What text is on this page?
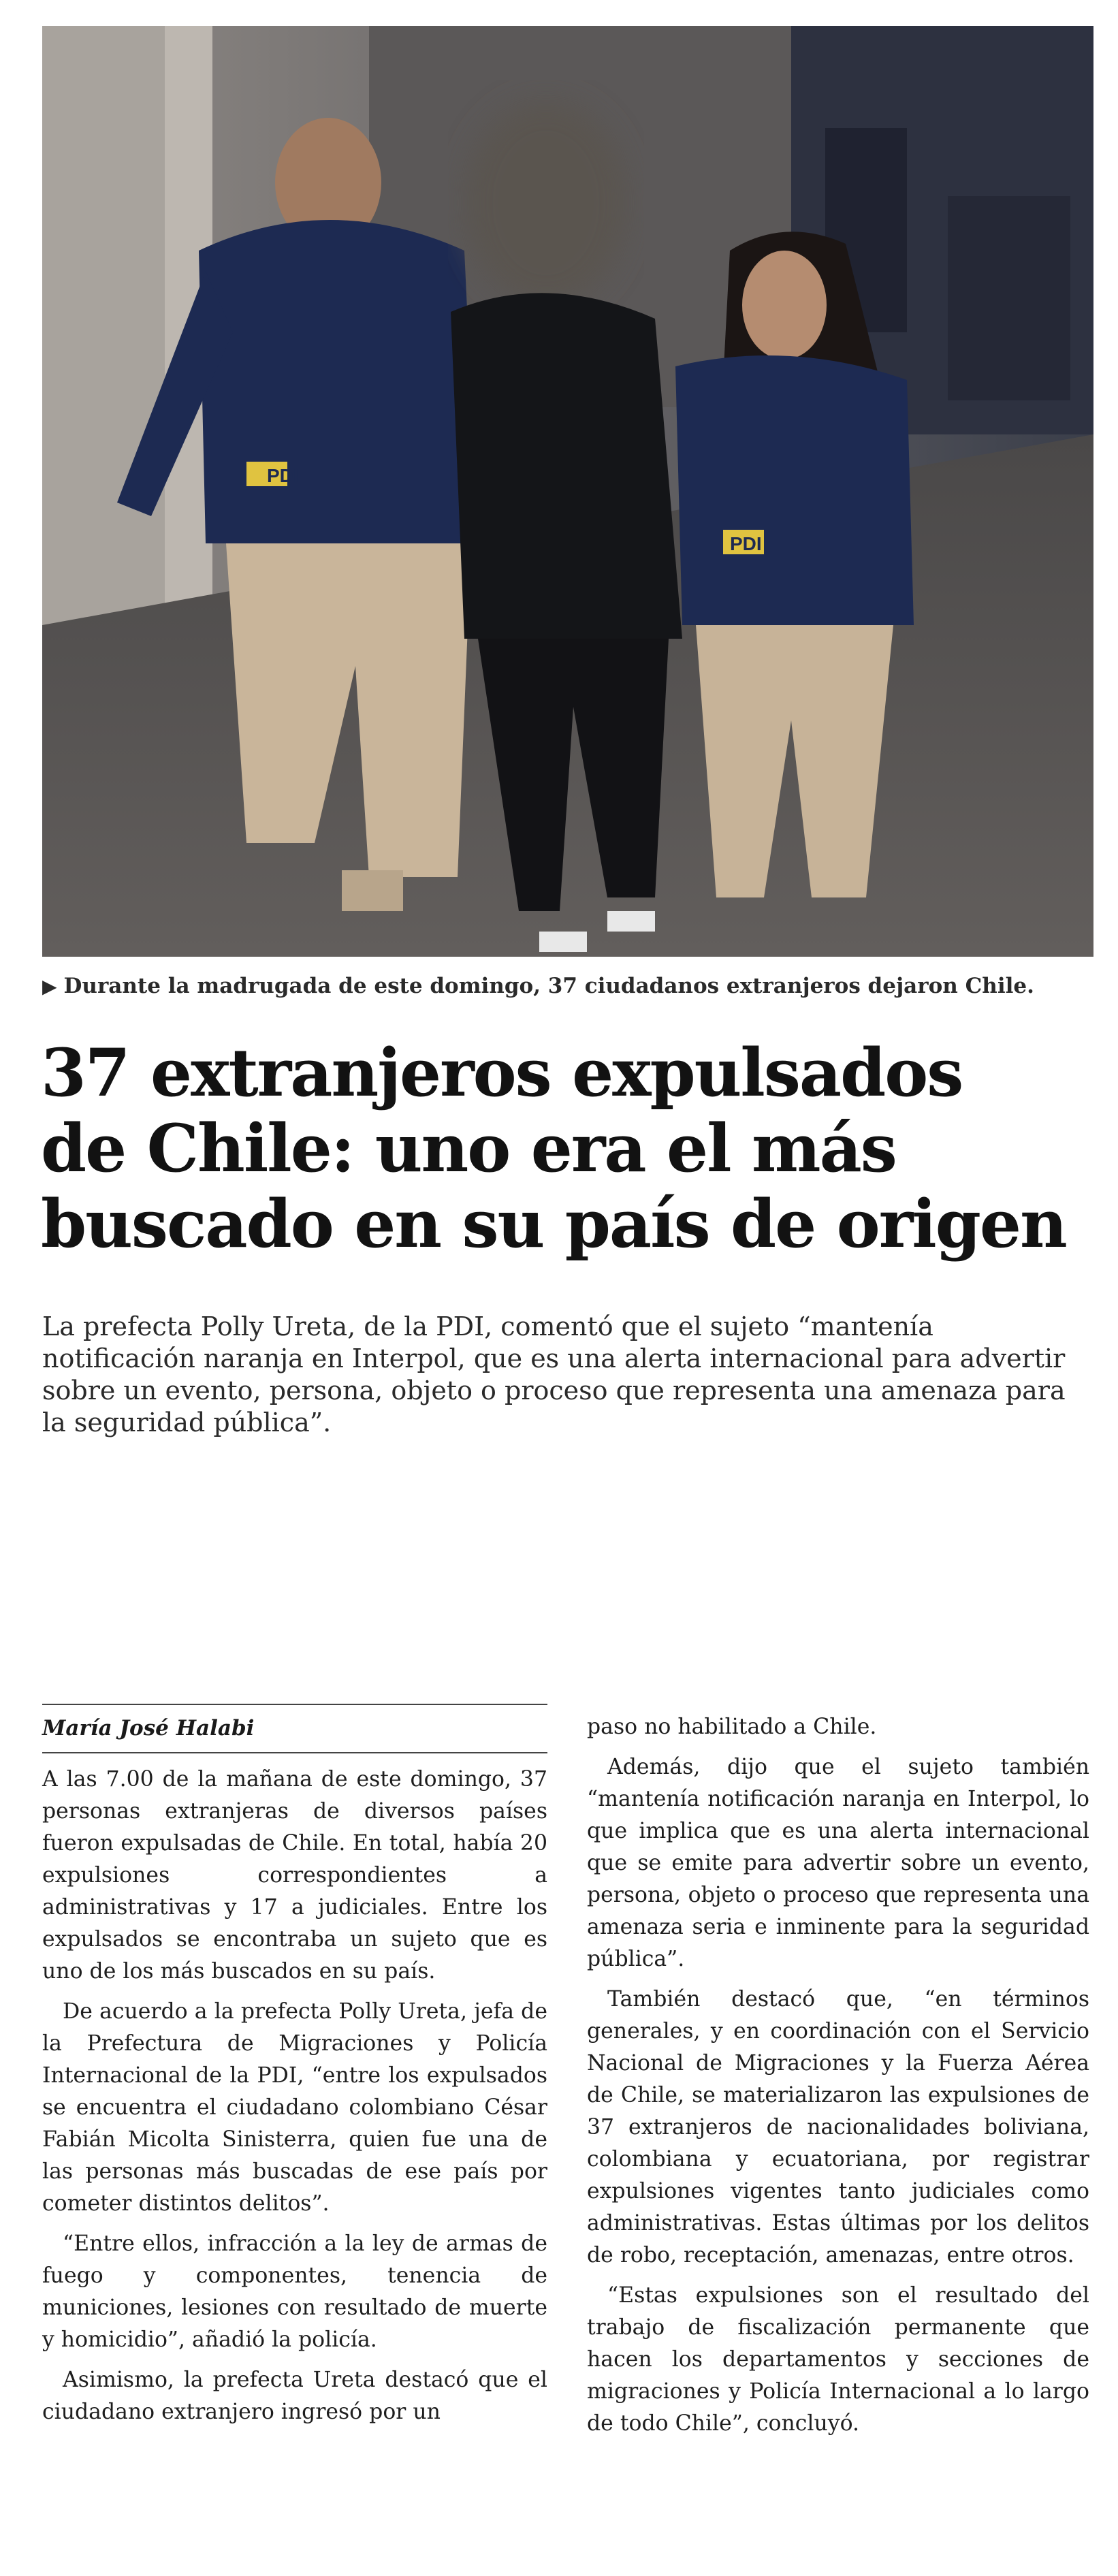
PDI
PDI
▶ Durante la madrugada de este domingo, 37 ciudadanos extranjeros dejaron Chile.
37 extranjeros expulsados
de Chile: uno era el más
buscado en su país de origen

La prefecta Polly Ureta, de la PDI, comentó que el sujeto “mantenía notificación naranja en Interpol, que es una alerta internacional para advertir sobre un evento, persona, objeto o proceso que representa una amenaza para la seguridad pública”.

María José Halabi

A las 7.00 de la mañana de este domingo, 37 personas extranjeras de diversos países fueron expulsadas de Chile. En total, había 20 expulsiones correspondientes a administrativas y 17 a judiciales. Entre los expulsados se encontraba un sujeto que es uno de los más buscados en su país.

De acuerdo a la prefecta Polly Ureta, jefa de la Prefectura de Migraciones y Policía Internacional de la PDI, “entre los expulsados se encuentra el ciudadano colombiano César Fabián Micolta Sinisterra, quien fue una de las personas más buscadas de ese país por cometer distintos delitos”.

“Entre ellos, infracción a la ley de armas de fuego y componentes, tenencia de municiones, lesiones con resultado de muerte y homicidio”, añadió la policía.

Asimismo, la prefecta Ureta destacó que el ciudadano extranjero ingresó por un

paso no habilitado a Chile.

Además, dijo que el sujeto también “mantenía notificación naranja en Interpol, lo que implica que es una alerta internacional que se emite para advertir sobre un evento, persona, objeto o proceso que representa una amenaza seria e inminente para la seguridad pública”.

También destacó que, “en términos generales, y en coordinación con el Servicio Nacional de Migraciones y la Fuerza Aérea de Chile, se materializaron las expulsiones de 37 extranjeros de nacionalidades boliviana, colombiana y ecuatoriana, por registrar expulsiones vigentes tanto judiciales como administrativas. Estas últimas por los delitos de robo, receptación, amenazas, entre otros.

“Estas expulsiones son el resultado del trabajo de fiscalización permanente que hacen los departamentos y secciones de migraciones y Policía Internacional a lo largo de todo Chile”, concluyó.
